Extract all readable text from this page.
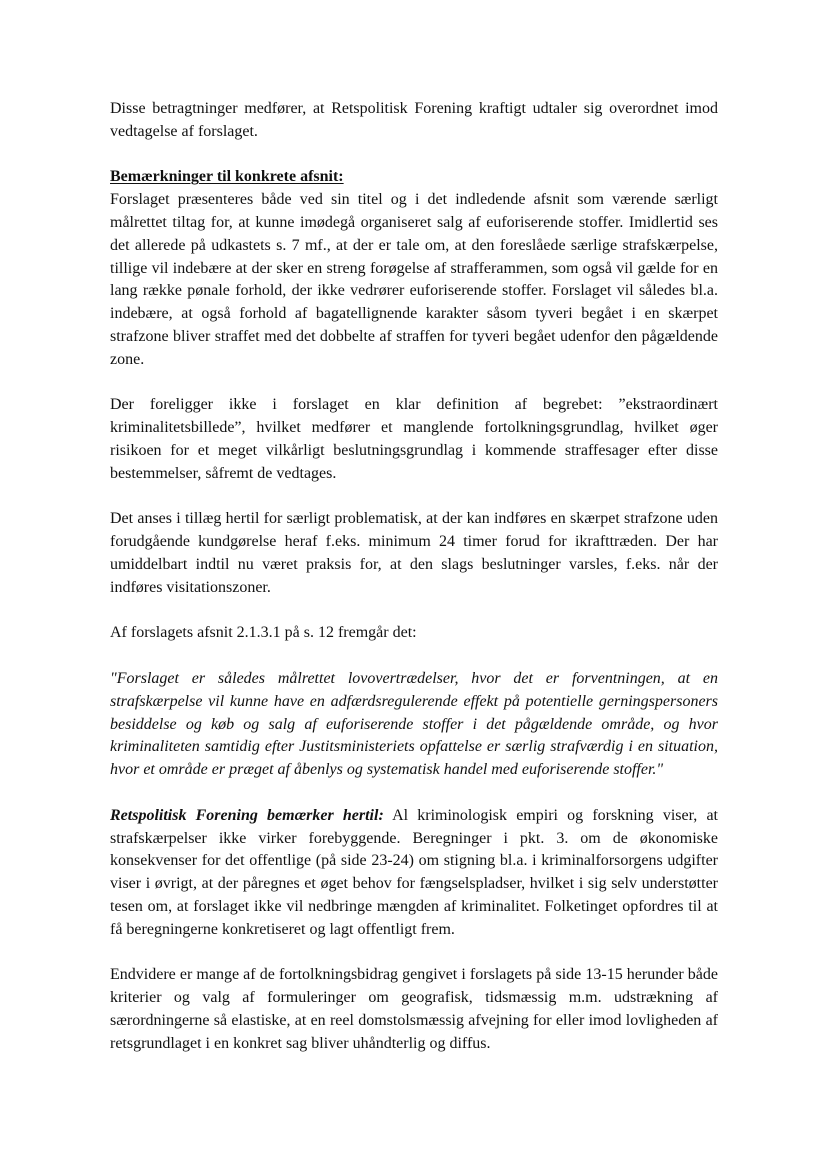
Disse betragtninger medfører, at Retspolitisk Forening kraftigt udtaler sig overordnet imod vedtagelse af forslaget.

Bemærkninger til konkrete afsnit:
Forslaget præsenteres både ved sin titel og i det indledende afsnit som værende særligt målrettet tiltag for, at kunne imødegå organiseret salg af euforiserende stoffer. Imidlertid ses det allerede på udkastets s. 7 mf., at der er tale om, at den foreslåede særlige strafskærpelse, tillige vil indebære at der sker en streng forøgelse af strafferammen, som også vil gælde for en lang række pønale forhold, der ikke vedrører euforiserende stoffer. Forslaget vil således bl.a. indebære, at også forhold af bagatellignende karakter såsom tyveri begået i en skærpet strafzone bliver straffet med det dobbelte af straffen for tyveri begået udenfor den pågældende zone.

Der foreligger ikke i forslaget en klar definition af begrebet: ”ekstraordinært kriminalitetsbillede”, hvilket medfører et manglende fortolkningsgrundlag, hvilket øger risikoen for et meget vilkårligt beslutningsgrundlag i kommende straffesager efter disse bestemmelser, såfremt de vedtages.

Det anses i tillæg hertil for særligt problematisk, at der kan indføres en skærpet strafzone uden forudgående kundgørelse heraf f.eks. minimum 24 timer forud for ikrafttræden. Der har umiddelbart indtil nu været praksis for, at den slags beslutninger varsles, f.eks. når der indføres visitationszoner.

Af forslagets afsnit 2.1.3.1 på s. 12 fremgår det:

"Forslaget er således målrettet lovovertrædelser, hvor det er forventningen, at en strafskærpelse vil kunne have en adfærdsregulerende effekt på potentielle gerningspersoners besiddelse og køb og salg af euforiserende stoffer i det pågældende område, og hvor kriminaliteten samtidig efter Justitsministeriets opfattelse er særlig strafværdig i en situation, hvor et område er præget af åbenlys og systematisk handel med euforiserende stoffer."

Retspolitisk Forening bemærker hertil: Al kriminologisk empiri og forskning viser, at strafskærpelser ikke virker forebyggende. Beregninger i pkt. 3. om de økonomiske konsekvenser for det offentlige (på side 23-24) om stigning bl.a. i kriminalforsorgens udgifter viser i øvrigt, at der påregnes et øget behov for fængselspladser, hvilket i sig selv understøtter tesen om, at forslaget ikke vil nedbringe mængden af kriminalitet. Folketinget opfordres til at få beregningerne konkretiseret og lagt offentligt frem.

Endvidere er mange af de fortolkningsbidrag gengivet i forslagets på side 13-15 herunder både kriterier og valg af formuleringer om geografisk, tidsmæssig m.m. udstrækning af særordningerne så elastiske, at en reel domstolsmæssig afvejning for eller imod lovligheden af retsgrundlaget i en konkret sag bliver uhåndterlig og diffus.
